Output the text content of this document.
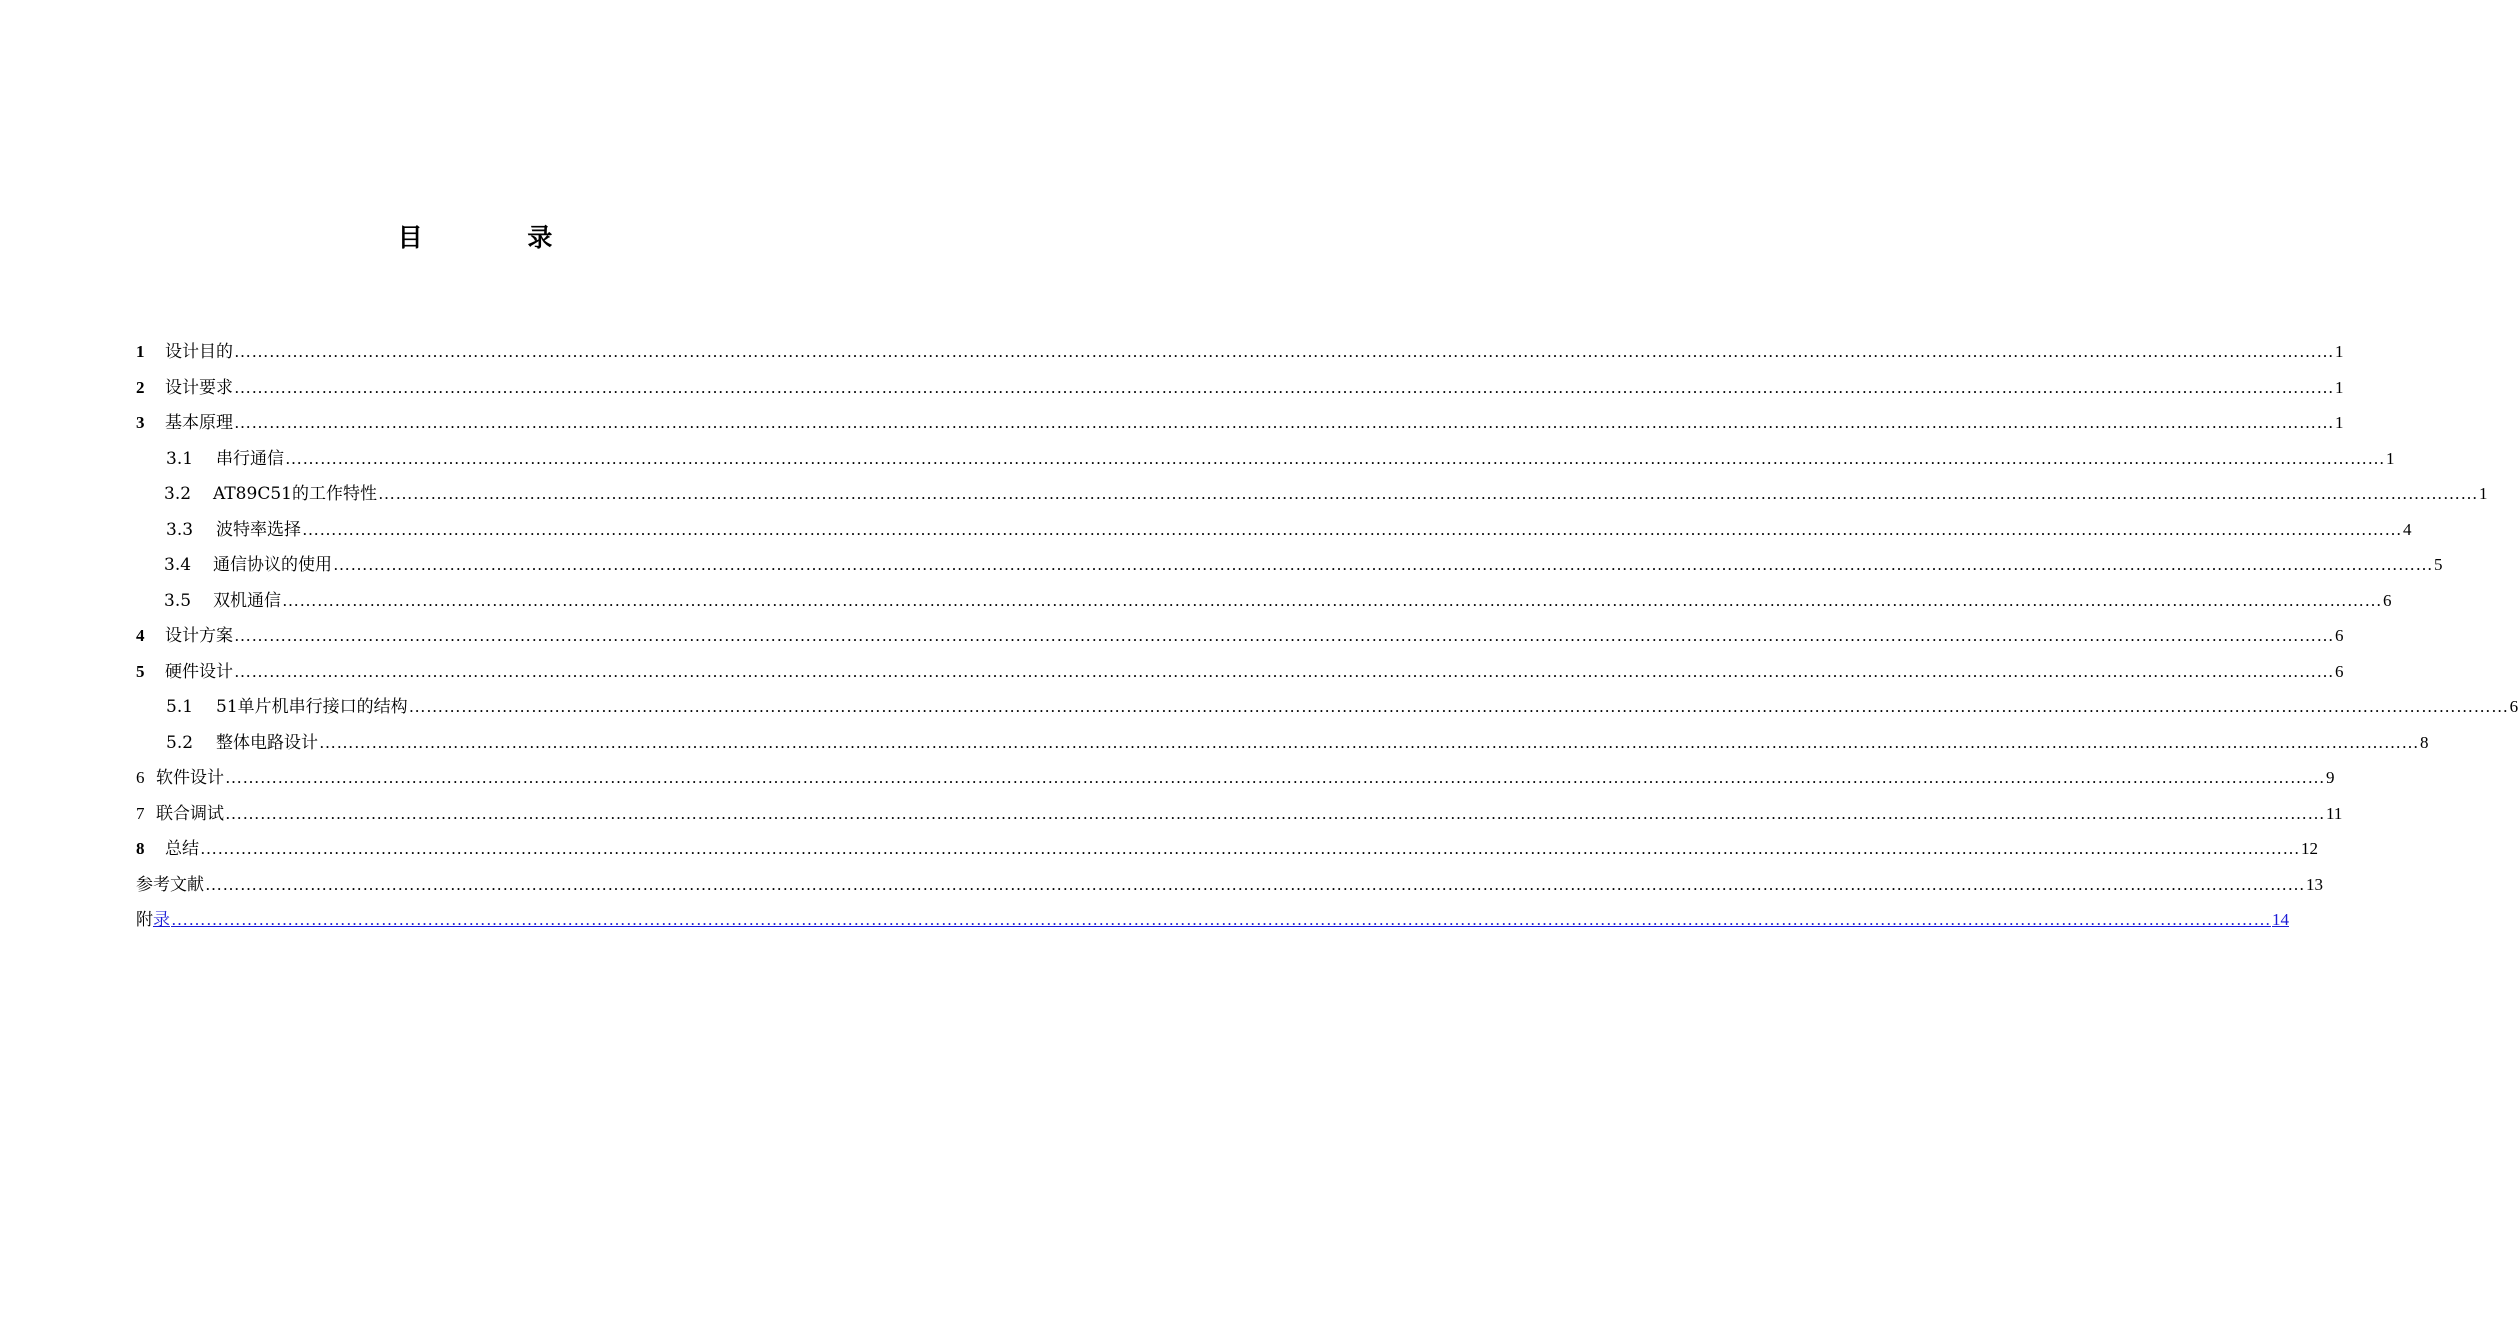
目 录
1	设计目的 ……………………………………………………………………………………………………………………………………………………………………………………………………………………………………………………………………………………………………………………………… 1
2	设计要求 ……………………………………………………………………………………………………………………………………………………………………………………………………………………………………………………………………………………………………………………………… 1
3	基本原理 ……………………………………………………………………………………………………………………………………………………………………………………………………………………………………………………………………………………………………………………………… 1
3.1	串行通信 ……………………………………………………………………………………………………………………………………………………………………………………………………………………………………………………………………………………………………………………………… 1
3.2	AT89C51的工作特性 ……………………………………………………………………………………………………………………………………………………………………………………………………………………………………………………………………………………………………………………………… 1
3.3	波特率选择 ……………………………………………………………………………………………………………………………………………………………………………………………………………………………………………………………………………………………………………………………… 4
3.4	通信协议的使用 ……………………………………………………………………………………………………………………………………………………………………………………………………………………………………………………………………………………………………………………………… 5
3.5	双机通信 ……………………………………………………………………………………………………………………………………………………………………………………………………………………………………………………………………………………………………………………………… 6
4	设计方案 ……………………………………………………………………………………………………………………………………………………………………………………………………………………………………………………………………………………………………………………………… 6
5	硬件设计 ……………………………………………………………………………………………………………………………………………………………………………………………………………………………………………………………………………………………………………………………… 6
5.1	51单片机串行接口的结构 ……………………………………………………………………………………………………………………………………………………………………………………………………………………………………………………………………………………………………………………………… 6
5.2	整体电路设计 ……………………………………………………………………………………………………………………………………………………………………………………………………………………………………………………………………………………………………………………………… 8
6 软件设计 ……………………………………………………………………………………………………………………………………………………………………………………………………………………………………………………………………………………………………………………………… 9
7 联合调试 ……………………………………………………………………………………………………………………………………………………………………………………………………………………………………………………………………………………………………………………………… 11
8	总结 ……………………………………………………………………………………………………………………………………………………………………………………………………………………………………………………………………………………………………………………………… 12
参考文献 ……………………………………………………………………………………………………………………………………………………………………………………………………………………………………………………………………………………………………………………………… 13
附录 ……………………………………………………………………………………………………………………………………………………………………………………………………………………………………………………………………………………………………………………………… 14
